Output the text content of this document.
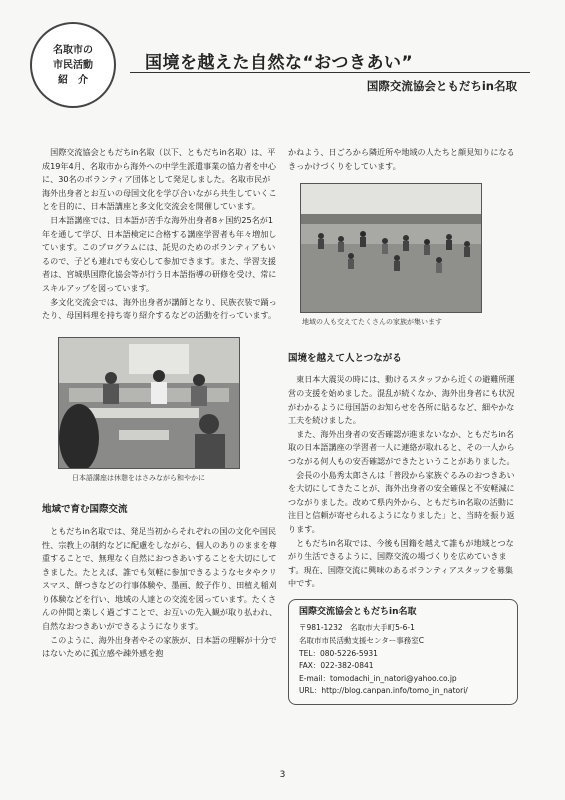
名取市の
市民活動
紹　介
国境を越えた自然な“おつきあい”
国際交流協会ともだちin名取

国際交流協会ともだちin名取（以下、ともだちin名取）は、平成19年4月、名取市から海外への中学生派遣事業の協力者を中心に、30名のボランティア団体として発足しました。名取市民が海外出身者とお互いの母国文化を学び合いながら共生していくことを目的に、日本語講座と多文化交流会を開催しています。

日本語講座では、日本語が苦手な海外出身者8ヶ国約25名が1年を通して学び、日本語検定に合格する講座学習者も年々増加しています。このプログラムには、託児のためのボランティアもいるので、子ども連れでも安心して参加できます。また、学習支援者は、宮城県国際化協会等が行う日本語指導の研修を受け、常にスキルアップを図っています。

多文化交流会では、海外出身者が講師となり、民族衣装で踊ったり、母国料理を持ち寄り紹介するなどの活動を行っています。

日本語講座は休憩をはさみながら和やかに
地域で育む国際交流

ともだちin名取では、発足当初からそれぞれの国の文化や国民性、宗教上の制約などに配慮をしながら、個人のありのままを尊重することで、無理なく自然におつきあいすることを大切にしてきました。たとえば、誰でも気軽に参加できるようなセタやクリスマス、餅つきなどの行事体験や、墨画、餃子作り、田植え稲刈り体験などを行い、地域の人達との交流を図っています。たくさんの仲間と楽しく過ごすことで、お互いの先入観が取り払われ、自然なおつきあいができるようになります。

このように、海外出身者やその家族が、日本語の理解が十分ではないために孤立感や疎外感を抱

かねよう、日ごろから隣近所や地域の人たちと顔見知りになるきっかけづくりをしています。

地域の人も交えてたくさんの家族が集います
国境を越えて人とつながる

東日本大震災の時には、動けるスタッフから近くの避難所運営の支援を始めました。混乱が続くなか、海外出身者にも状況がわかるように母国語のお知らせを各所に貼るなど、細やかな工夫を続けました。

また、海外出身者の安否確認が進まないなか、ともだちin名取の日本語講座の学習者一人に連絡が取れると、その一人からつながる何人もの安否確認ができたということがありました。

会長の小島秀太郎さんは「普段から家族ぐるみのおつきあいを大切にしてきたことが、海外出身者の安全確保と不安軽減につながりました。改めて県内外から、ともだちin名取の活動に注目と信頼が寄せられるようになりました」と、当時を振り返ります。

ともだちin名取では、今後も国籍を越えて誰もが地域とつながり生活できるように、国際交流の場づくりを広めていきます。現在、国際交流に興味のあるボランティアスタッフを募集中です。

国際交流協会ともだちin名取
〒981-1232　名取市大手町5-6-1
名取市市民活動支援センター事務室C
TEL：080-5226-5931
FAX：022-382-0841
E-mail：tomodachi_in_natori@yahoo.co.jp
URL：http://blog.canpan.info/tomo_in_natori/
3
